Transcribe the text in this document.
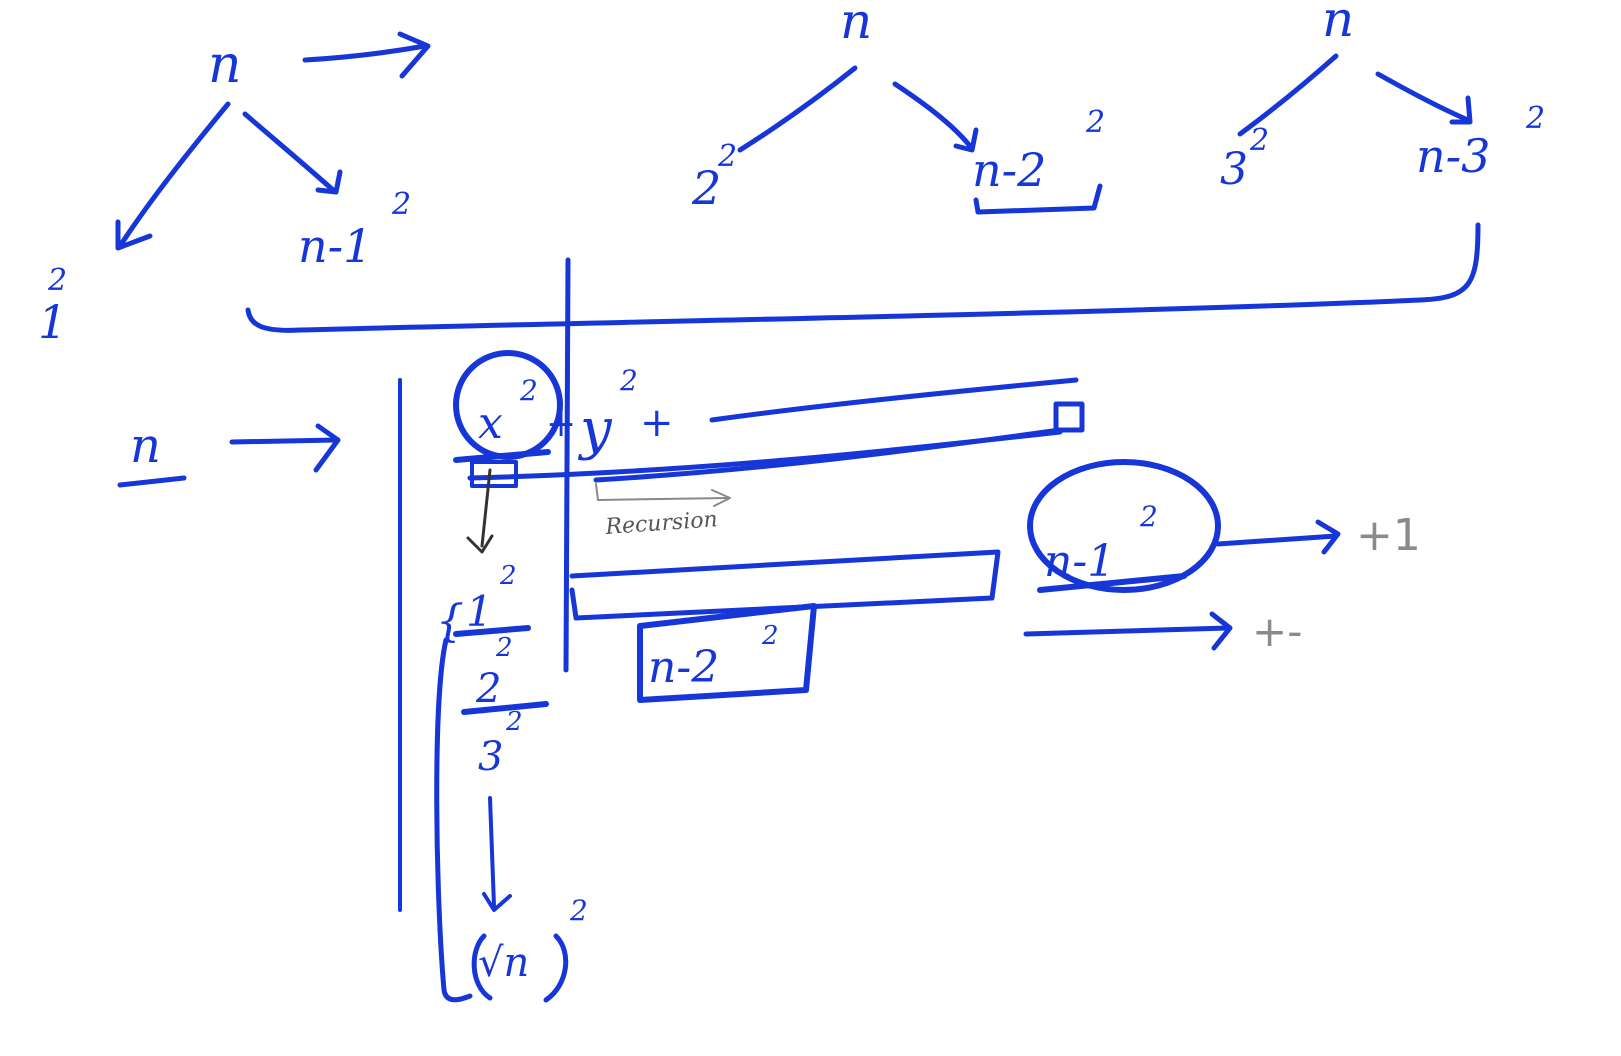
n
1
2
n-1
2
n
2
2	n-2
2
n
3
2	n-3
2
n	x
2
+ y
2
+
Recursion
{ 1
2
2
2
3
2
√n
2
n-2
2
n-1
2	+1
+-
